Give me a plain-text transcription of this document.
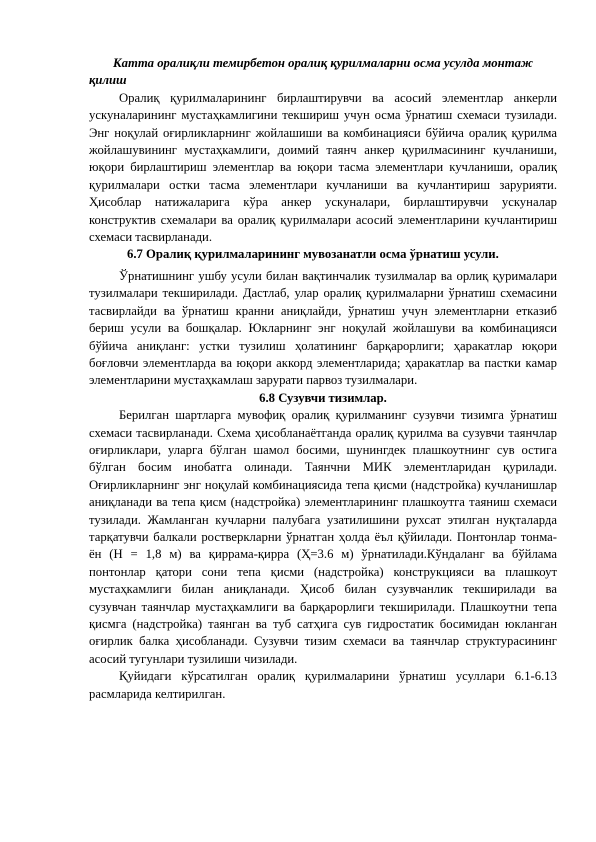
Катта оралиқли темирбетон оралиқ қурилмаларни осма усулда монтаж қилиш

Оралиқ қурилмаларининг бирлаштирувчи ва асосий элементлар анкерли ускуналарининг мустаҳкамлигини текшириш учун осма ўрнатиш схемаси тузилади. Энг ноқулай оғирликларнинг жойлашиши ва комбинацияси бўйича оралиқ қурилма жойлашувининг мустаҳкамлиги, доимий таянч анкер қурилмасининг кучланиши, юқори бирлаштириш элементлар ва юқори тасма элементлари кучланиши, оралиқ қурилмалари остки тасма элементлари кучланиши ва кучлантириш зарурияти. Ҳисоблар натижаларига кўра анкер ускуналари, бирлаштирувчи ускуналар конструктив схемалари ва оралиқ қурилмалари асосий элементларини кучлантириш схемаси тасвирланади.

6.7 Оралиқ қурилмаларининг мувозанатли осма ўрнатиш усули.

Ўрнатишнинг ушбу усули билан вақтинчалик тузилмалар ва орлиқ қурималари тузилмалари текширилади. Дастлаб, улар оралиқ қурилмаларни ўрнатиш схемасини тасвирлайди ва ўрнатиш кранни аниқлайди, ўрнатиш учун элементларни етказиб бериш усули ва бошқалар. Юкларнинг энг ноқулай жойлашуви ва комбинацияси бўйича аниқланг: устки тузилиш ҳолатининг барқарорлиги; ҳаракатлар юқори боғловчи элементларда ва юқори аккорд элементларида; ҳаракатлар ва пастки камар элементларини мустаҳкамлаш зарурати парвоз тузилмалари.

6.8 Сузувчи тизимлар.

Берилган шартларга мувофиқ оралиқ қурилманинг сузувчи тизимга ўрнатиш схемаси тасвирланади. Схема ҳисобланаётганда оралиқ қурилма ва сузувчи таянчлар оғирликлари, уларга бўлган шамол босими, шунингдек плашкоутнинг сув остига бўлган босим инобатга олинади. Таянчни МИК элементларидан қурилади. Оғирликларнинг энг ноқулай комбинациясида тепа қисми (надстройка) кучланишлар аниқланади ва тепа қисм (надстройка) элементларининг плашкоутга таяниш схемаси тузилади. Жамланган кучларни палубага узатилишини рухсат этилган нуқталарда тарқатувчи балкали ростверкларни ўрнатган ҳолда ёъл қўйилади. Понтонлар тонма-ён (Н = 1,8 м) ва қиррама-қирра (Ҳ=3.6 м) ўрнатилади.Кўндаланг ва бўйлама понтонлар қатори сони тепа қисми (надстройка) конструкцияси ва плашкоут мустаҳкамлиги билан аниқланади. Ҳисоб билан сузувчанлик текширилади ва сузувчан таянчлар мустаҳкамлиги ва барқарорлиги текширилади. Плашкоутни тепа қисмга (надстройка) таянган ва туб сатҳига сув гидростатик босимидан юкланган оғирлик балка ҳисобланади. Сузувчи тизим схемаси ва таянчлар структурасининг асосий тугунлари тузилиши чизилади.

Қуйидаги кўрсатилган оралиқ қурилмаларини ўрнатиш усуллари 6.1-6.13 расмларида келтирилган.
